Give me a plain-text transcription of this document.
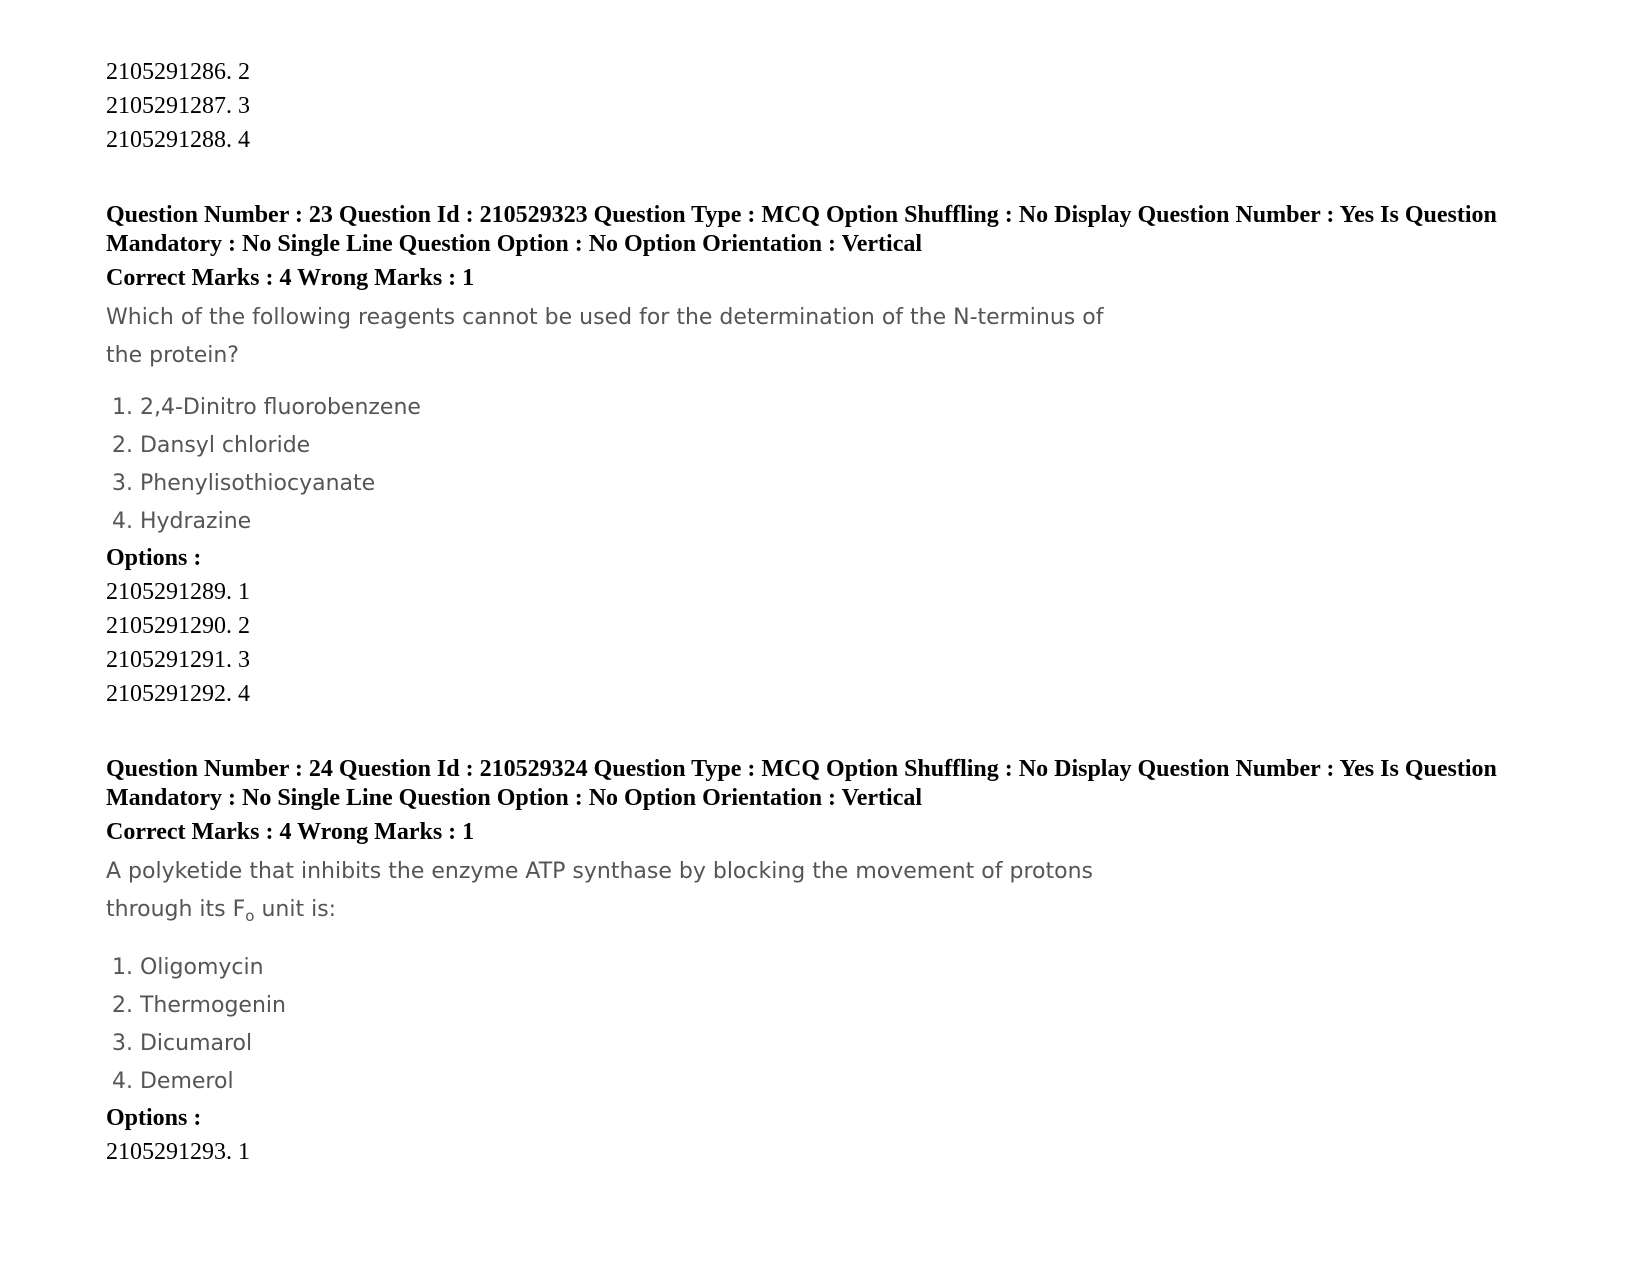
2105291286. 2
2105291287. 3
2105291288. 4
Question Number : 23 Question Id : 210529323 Question Type : MCQ Option Shuffling : No Display Question Number : Yes Is Question Mandatory : No Single Line Question Option : No Option Orientation : Vertical
Correct Marks : 4 Wrong Marks : 1
Which of the following reagents cannot be used for the determination of the N-terminus of
the protein?
1. 2,4-Dinitro fluorobenzene
2. Dansyl chloride
3. Phenylisothiocyanate
4. Hydrazine
Options :
2105291289. 1
2105291290. 2
2105291291. 3
2105291292. 4
Question Number : 24 Question Id : 210529324 Question Type : MCQ Option Shuffling : No Display Question Number : Yes Is Question Mandatory : No Single Line Question Option : No Option Orientation : Vertical
Correct Marks : 4 Wrong Marks : 1
A polyketide that inhibits the enzyme ATP synthase by blocking the movement of protons
through its $F_o$ unit is:
1. Oligomycin
2. Thermogenin
3. Dicumarol
4. Demerol
Options :
2105291293. 1
